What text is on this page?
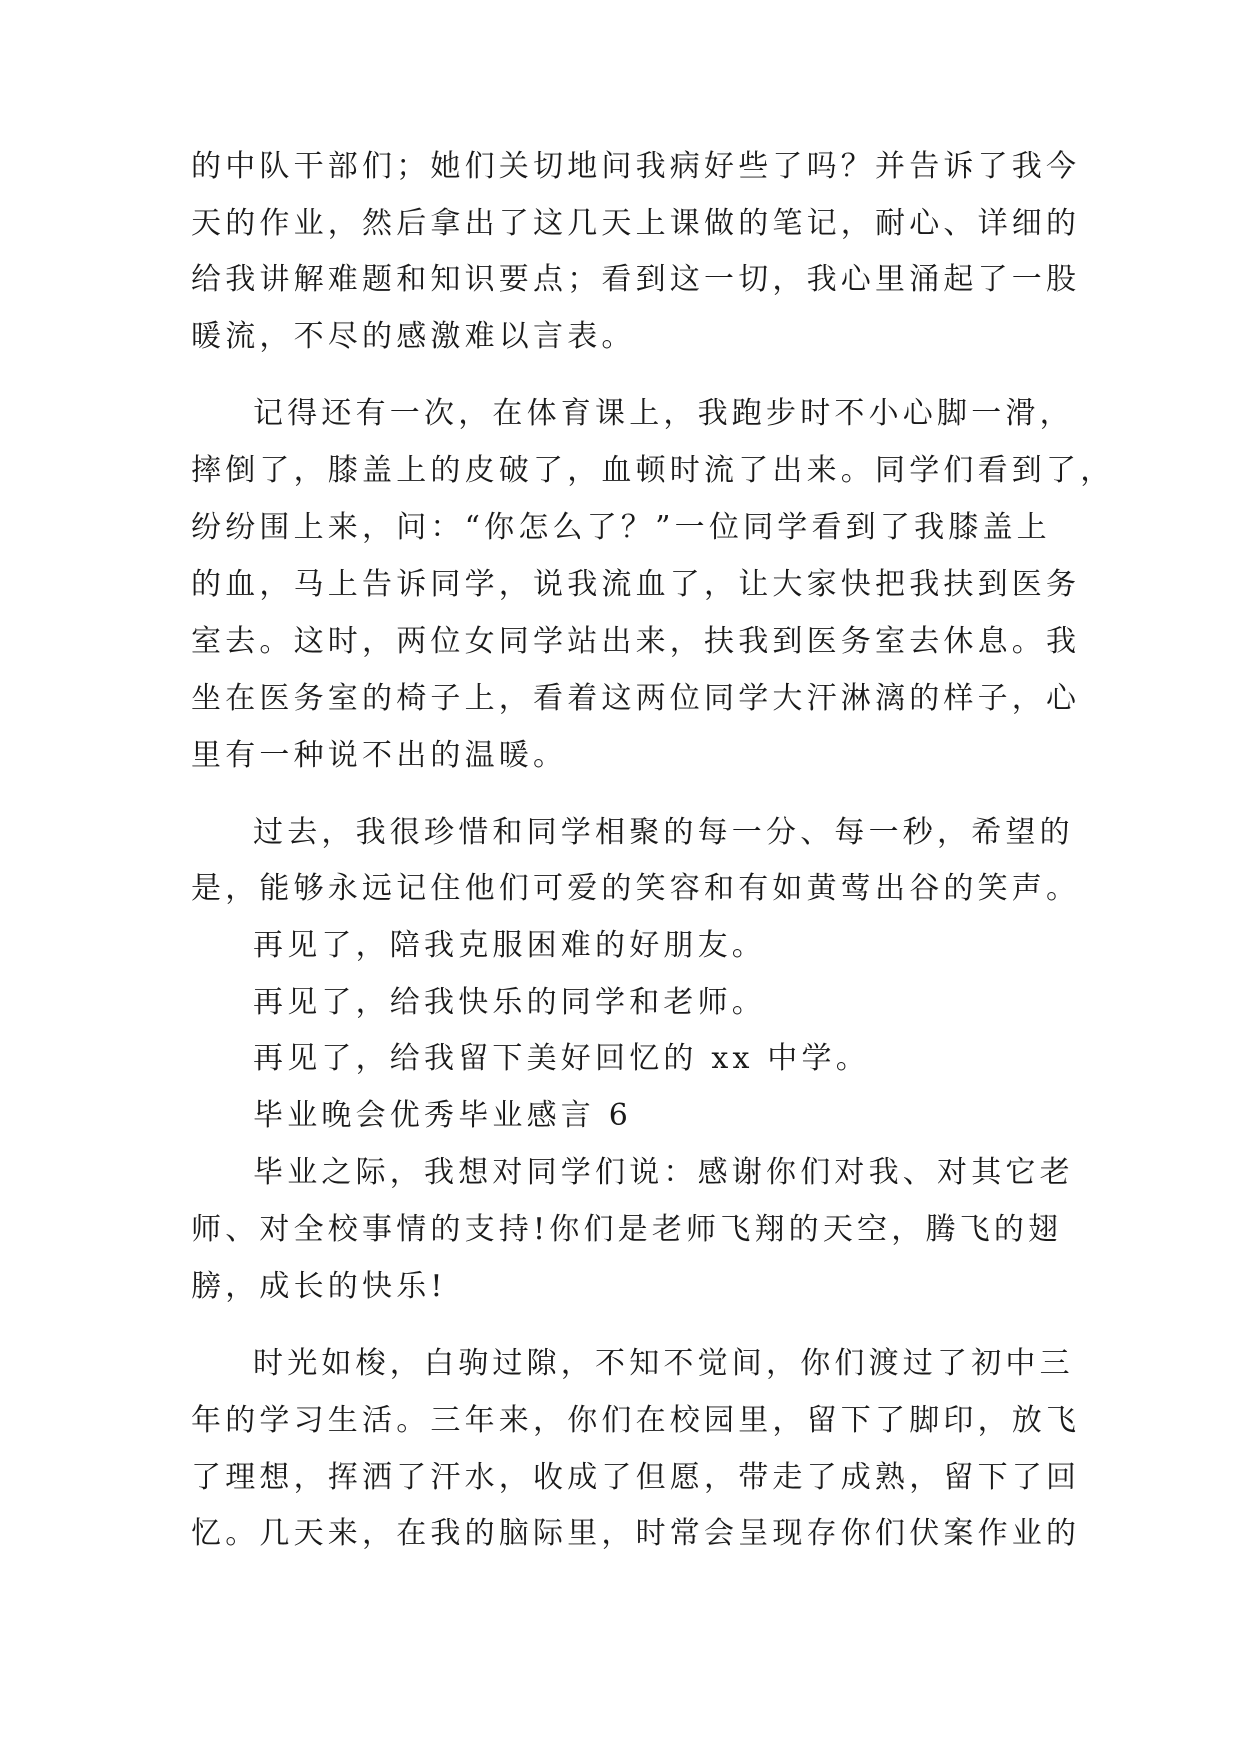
的中队干部们；她们关切地问我病好些了吗？并告诉了我今

天的作业，然后拿出了这几天上课做的笔记，耐心、详细的

给我讲解难题和知识要点；看到这一切，我心里涌起了一股

暖流，不尽的感激难以言表。

记得还有一次，在体育课上，我跑步时不小心脚一滑，

摔倒了，膝盖上的皮破了，血顿时流了出来。同学们看到了，

纷纷围上来，问：“你怎么了？”一位同学看到了我膝盖上

的血，马上告诉同学，说我流血了，让大家快把我扶到医务

室去。这时，两位女同学站出来，扶我到医务室去休息。我

坐在医务室的椅子上，看着这两位同学大汗淋漓的样子，心

里有一种说不出的温暖。

过去，我很珍惜和同学相聚的每一分、每一秒，希望的

是，能够永远记住他们可爱的笑容和有如黄莺出谷的笑声。

再见了，陪我克服困难的好朋友。

再见了，给我快乐的同学和老师。

再见了，给我留下美好回忆的 xx 中学。

毕业晚会优秀毕业感言 6

毕业之际，我想对同学们说：感谢你们对我、对其它老

师、对全校事情的支持!你们是老师飞翔的天空，腾飞的翅

膀，成长的快乐!

时光如梭，白驹过隙，不知不觉间，你们渡过了初中三

年的学习生活。三年来，你们在校园里，留下了脚印，放飞

了理想，挥洒了汗水，收成了但愿，带走了成熟，留下了回

忆。几天来，在我的脑际里，时常会呈现存你们伏案作业的
